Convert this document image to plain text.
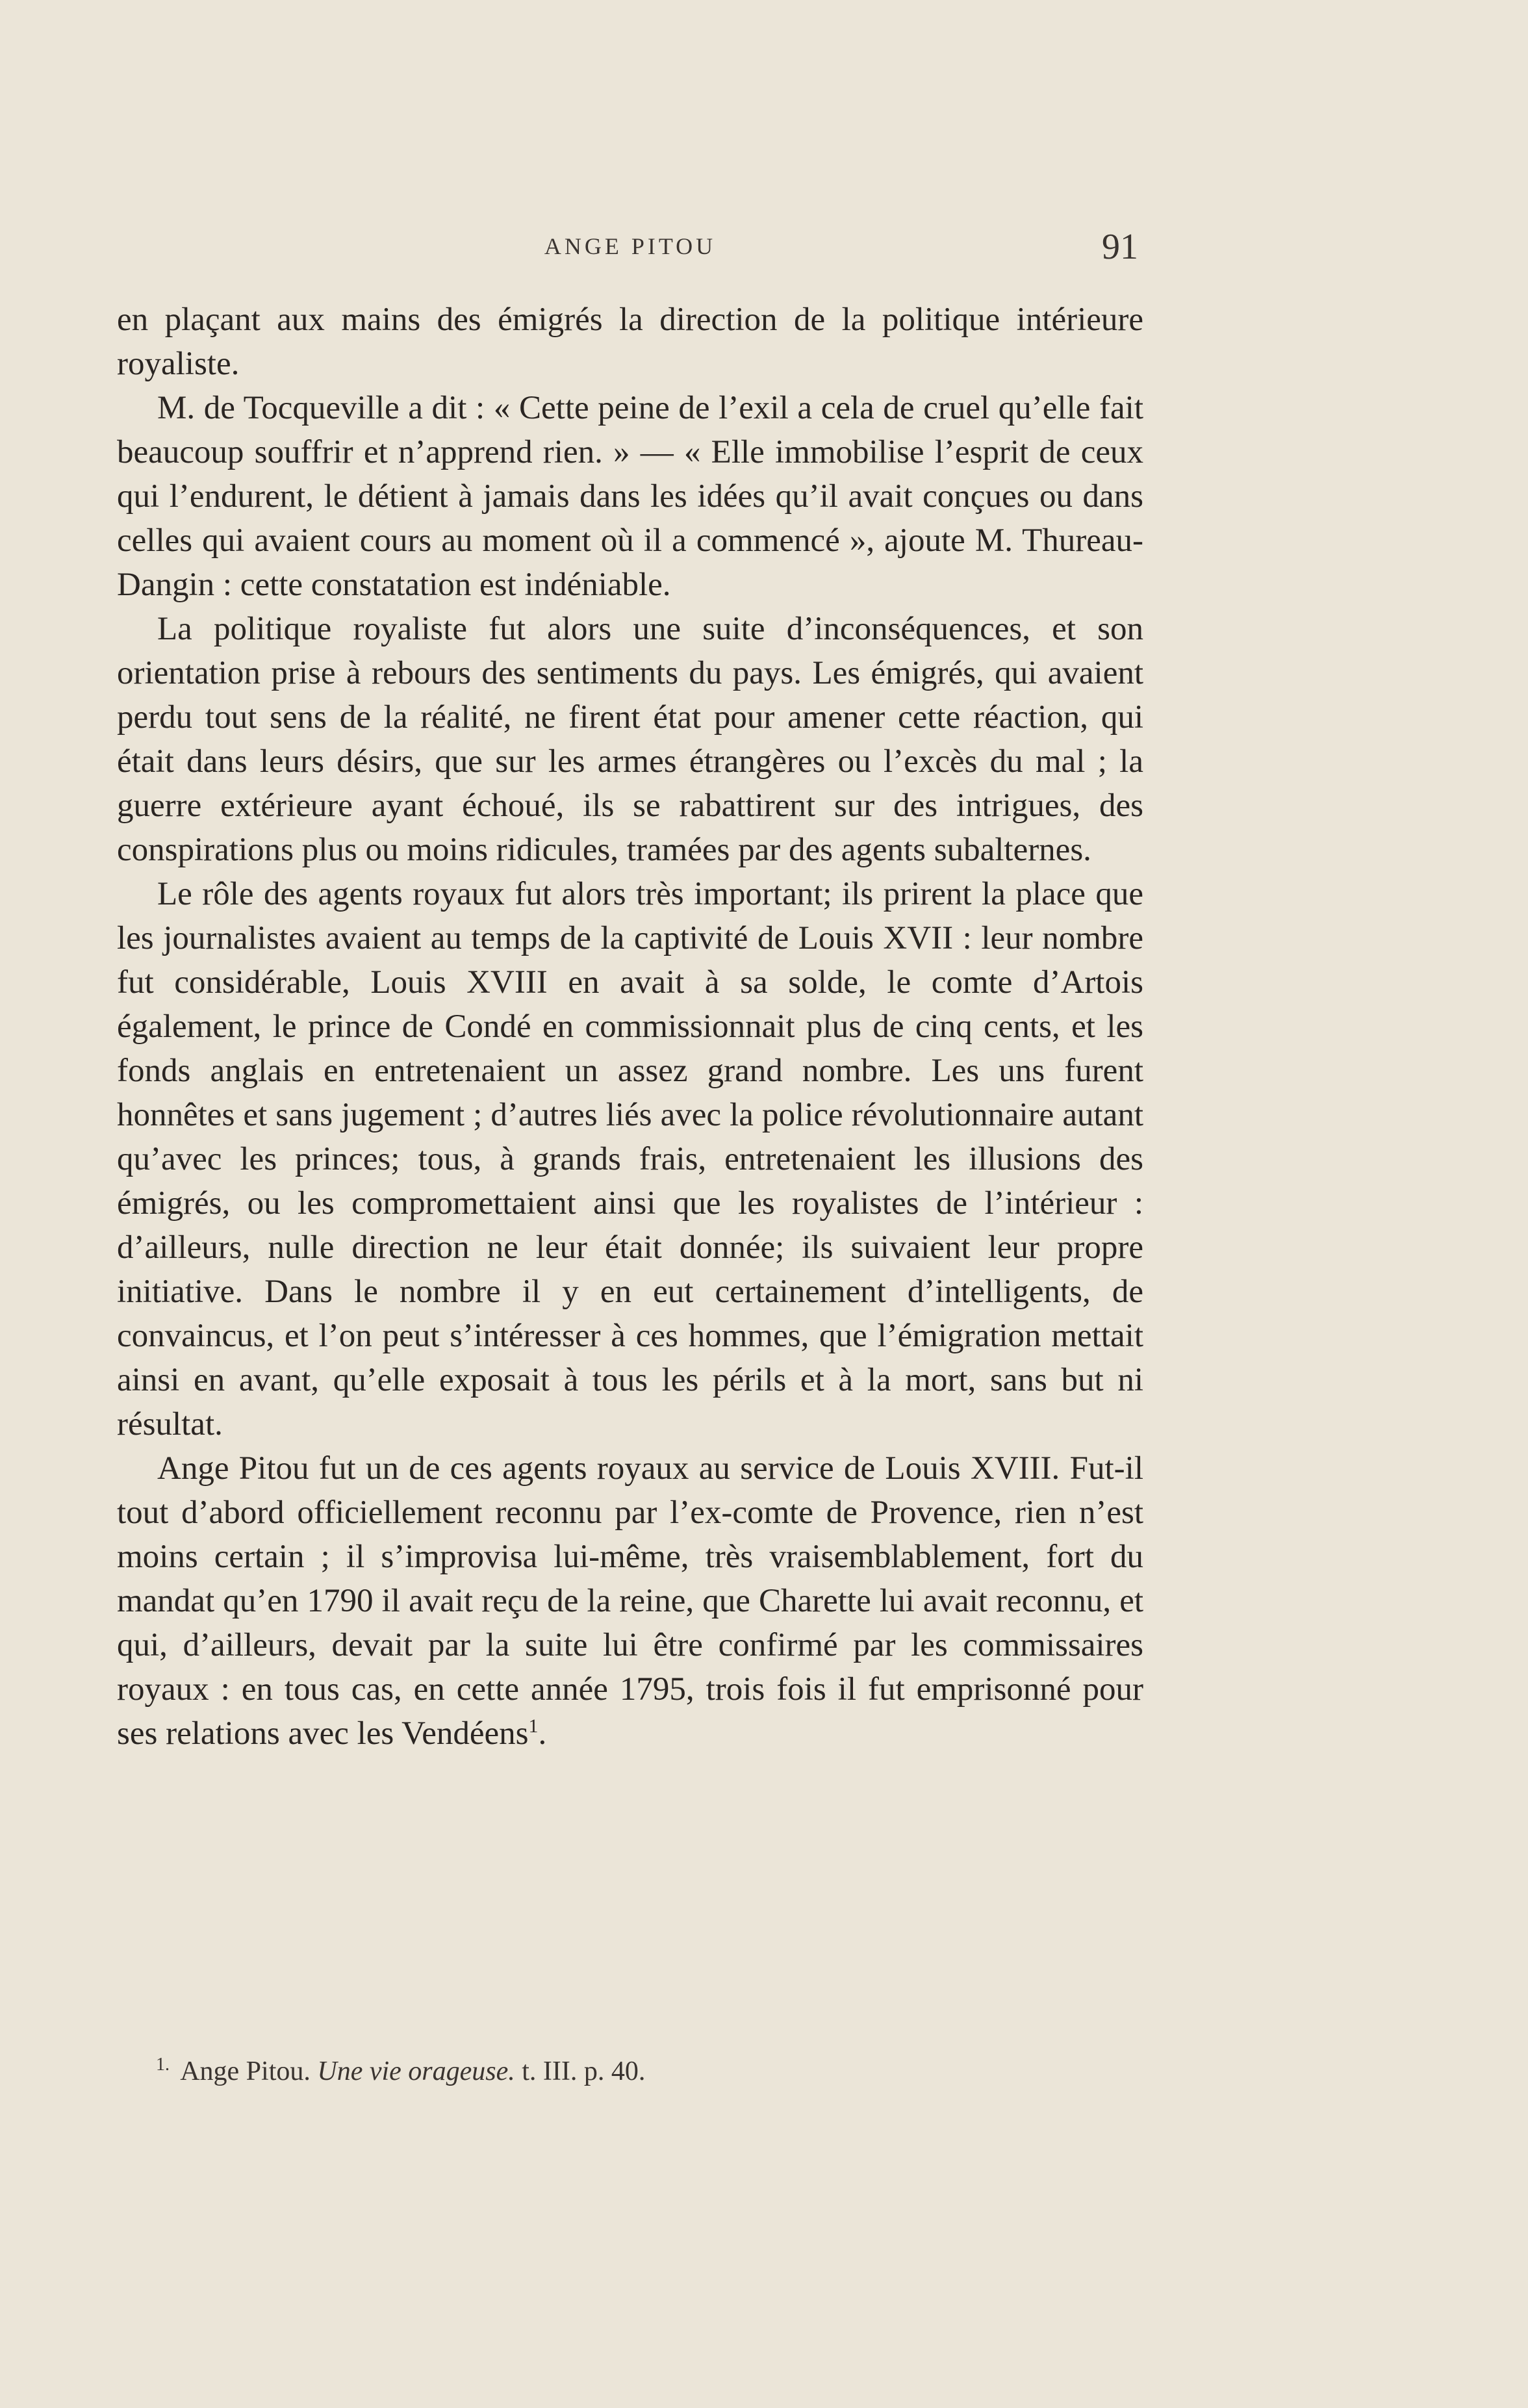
ANGE PITOU	91

en plaçant aux mains des émigrés la direction de la politique intérieure royaliste.

M. de Tocqueville a dit : « Cette peine de l’exil a cela de cruel qu’elle fait beaucoup souffrir et n’apprend rien. » — « Elle immobilise l’esprit de ceux qui l’endurent, le détient à jamais dans les idées qu’il avait conçues ou dans celles qui avaient cours au moment où il a commencé », ajoute M. Thureau-Dangin : cette constatation est indéniable.

La politique royaliste fut alors une suite d’inconséquences, et son orientation prise à rebours des sentiments du pays. Les émigrés, qui avaient perdu tout sens de la réalité, ne firent état pour amener cette réaction, qui était dans leurs désirs, que sur les armes étrangères ou l’excès du mal ; la guerre extérieure ayant échoué, ils se rabattirent sur des intrigues, des conspirations plus ou moins ridicules, tramées par des agents subalternes.

Le rôle des agents royaux fut alors très important; ils prirent la place que les journalistes avaient au temps de la captivité de Louis XVII : leur nombre fut considérable, Louis XVIII en avait à sa solde, le comte d’Artois également, le prince de Condé en commissionnait plus de cinq cents, et les fonds anglais en entretenaient un assez grand nombre. Les uns furent honnêtes et sans jugement ; d’autres liés avec la police révolutionnaire autant qu’avec les princes; tous, à grands frais, entretenaient les illusions des émigrés, ou les compromettaient ainsi que les royalistes de l’intérieur : d’ailleurs, nulle direction ne leur était donnée; ils suivaient leur propre initiative. Dans le nombre il y en eut certainement d’intelligents, de convaincus, et l’on peut s’intéresser à ces hommes, que l’émigration mettait ainsi en avant, qu’elle exposait à tous les périls et à la mort, sans but ni résultat.

Ange Pitou fut un de ces agents royaux au service de Louis XVIII. Fut-il tout d’abord officiellement reconnu par l’ex-comte de Provence, rien n’est moins certain ; il s’improvisa lui-même, très vraisemblablement, fort du mandat qu’en 1790 il avait reçu de la reine, que Charette lui avait reconnu, et qui, d’ailleurs, devait par la suite lui être confirmé par les commissaires royaux : en tous cas, en cette année 1795, trois fois il fut emprisonné pour ses relations avec les Vendéens$^1$.

$^{1.}$ Ange Pitou. Une vie orageuse. t. III. p. 40.
